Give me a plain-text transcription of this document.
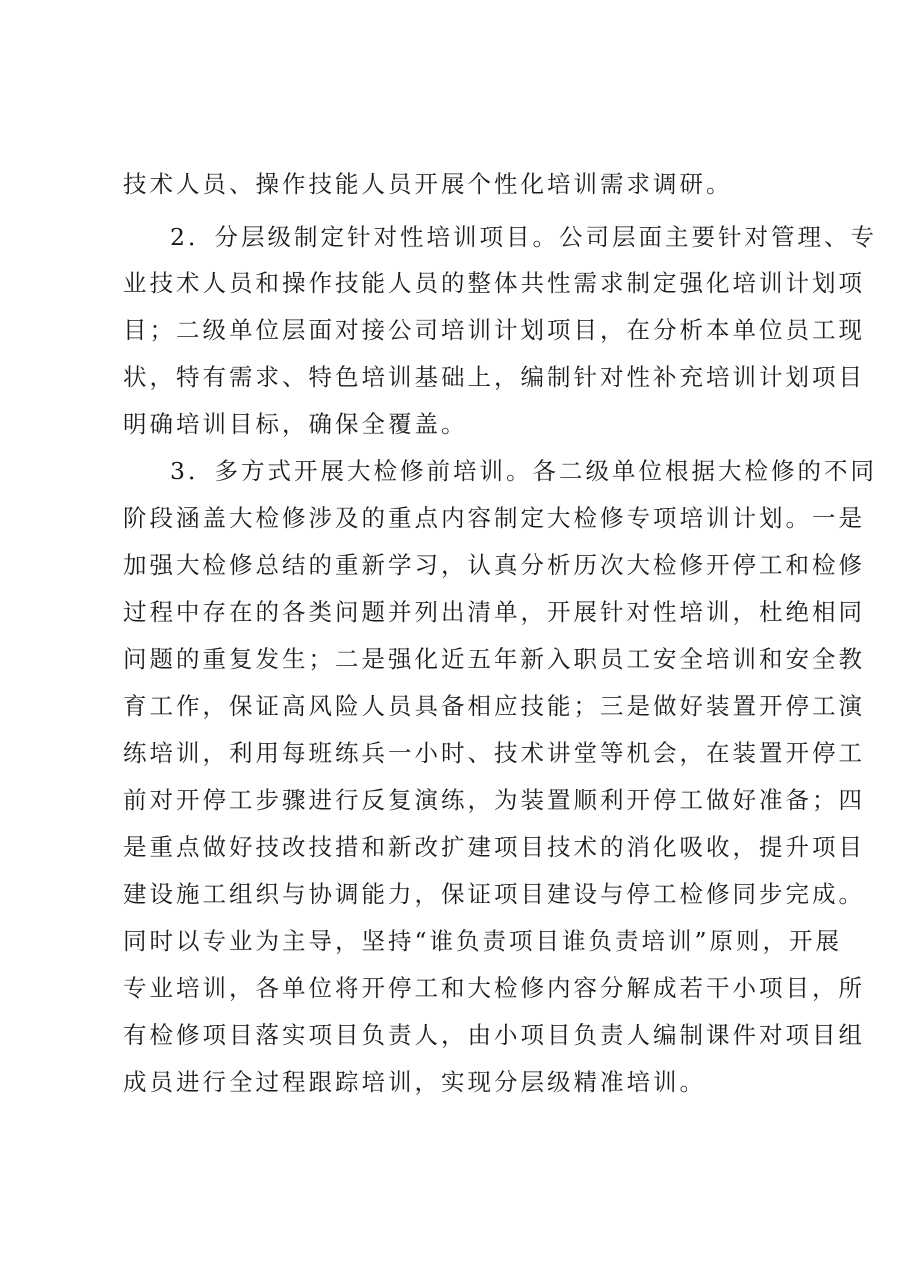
技术人员、操作技能人员开展个性化培训需求调研。

2．分层级制定针对性培训项目。公司层面主要针对管理、专

业技术人员和操作技能人员的整体共性需求制定强化培训计划项

目；二级单位层面对接公司培训计划项目，在分析本单位员工现

状，特有需求、特色培训基础上，编制针对性补充培训计划项目

明确培训目标，确保全覆盖。

3．多方式开展大检修前培训。各二级单位根据大检修的不同

阶段涵盖大检修涉及的重点内容制定大检修专项培训计划。一是

加强大检修总结的重新学习，认真分析历次大检修开停工和检修

过程中存在的各类问题并列出清单，开展针对性培训，杜绝相同

问题的重复发生；二是强化近五年新入职员工安全培训和安全教

育工作，保证高风险人员具备相应技能；三是做好装置开停工演

练培训，利用每班练兵一小时、技术讲堂等机会，在装置开停工

前对开停工步骤进行反复演练，为装置顺利开停工做好准备；四

是重点做好技改技措和新改扩建项目技术的消化吸收，提升项目

建设施工组织与协调能力，保证项目建设与停工检修同步完成。

同时以专业为主导，坚持“谁负责项目谁负责培训”原则，开展

专业培训，各单位将开停工和大检修内容分解成若干小项目，所

有检修项目落实项目负责人，由小项目负责人编制课件对项目组

成员进行全过程跟踪培训，实现分层级精准培训。
